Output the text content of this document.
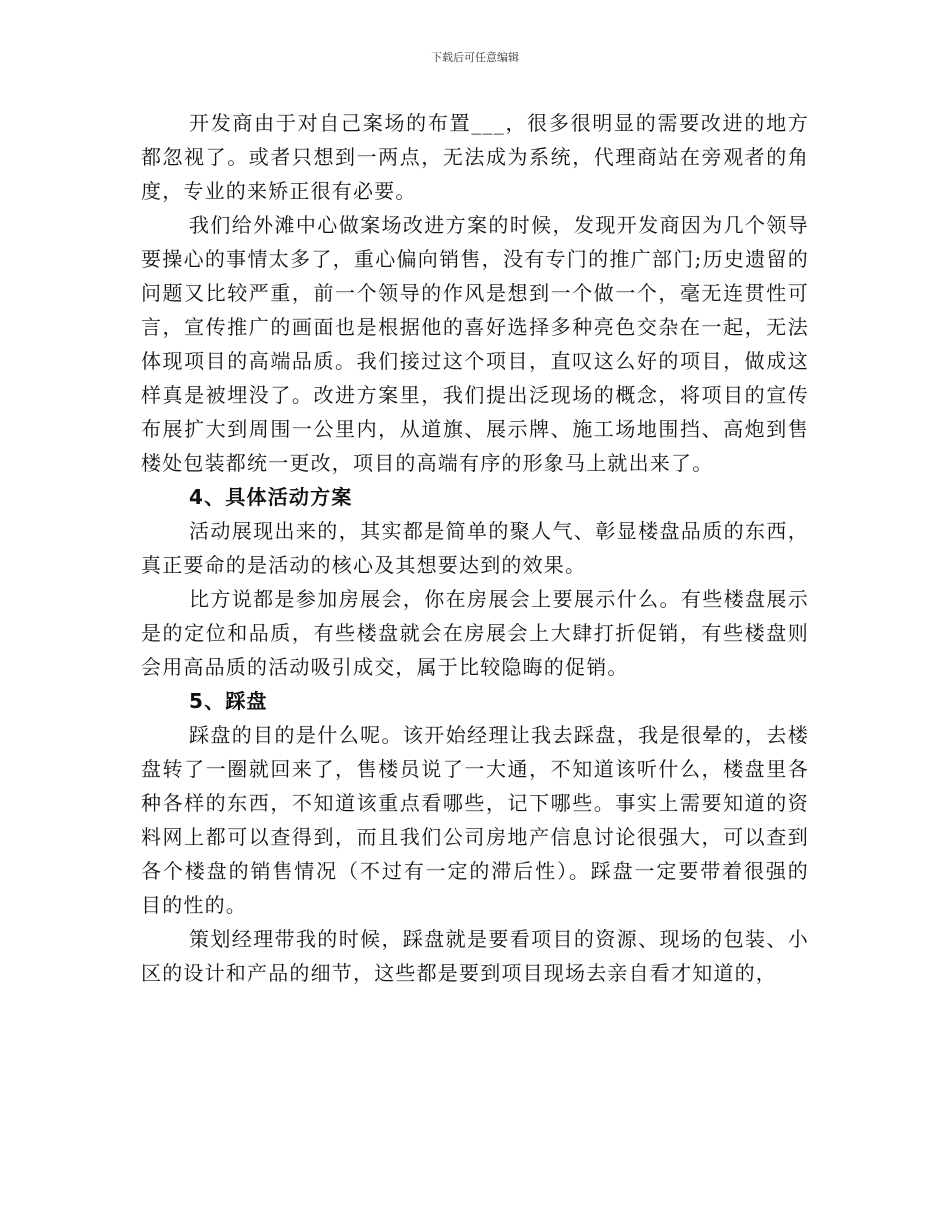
下载后可任意编辑

开发商由于对自己案场的布置___，很多很明显的需要改进的地方都忽视了。或者只想到一两点，无法成为系统，代理商站在旁观者的角度，专业的来矫正很有必要。

我们给外滩中心做案场改进方案的时候，发现开发商因为几个领导要操心的事情太多了，重心偏向销售，没有专门的推广部门;历史遗留的问题又比较严重，前一个领导的作风是想到一个做一个，毫无连贯性可言，宣传推广的画面也是根据他的喜好选择多种亮色交杂在一起，无法体现项目的高端品质。我们接过这个项目，直叹这么好的项目，做成这样真是被埋没了。改进方案里，我们提出泛现场的概念，将项目的宣传布展扩大到周围一公里内，从道旗、展示牌、施工场地围挡、高炮到售楼处包装都统一更改，项目的高端有序的形象马上就出来了。

4、具体活动方案

活动展现出来的，其实都是简单的聚人气、彰显楼盘品质的东西，真正要命的是活动的核心及其想要达到的效果。

比方说都是参加房展会，你在房展会上要展示什么。有些楼盘展示是的定位和品质，有些楼盘就会在房展会上大肆打折促销，有些楼盘则会用高品质的活动吸引成交，属于比较隐晦的促销。

5、踩盘

踩盘的目的是什么呢。该开始经理让我去踩盘，我是很晕的，去楼盘转了一圈就回来了，售楼员说了一大通，不知道该听什么，楼盘里各种各样的东西，不知道该重点看哪些，记下哪些。事实上需要知道的资料网上都可以查得到，而且我们公司房地产信息讨论很强大，可以查到各个楼盘的销售情况（不过有一定的滞后性）。踩盘一定要带着很强的目的性的。

策划经理带我的时候，踩盘就是要看项目的资源、现场的包装、小区的设计和产品的细节，这些都是要到项目现场去亲自看才知道的，
